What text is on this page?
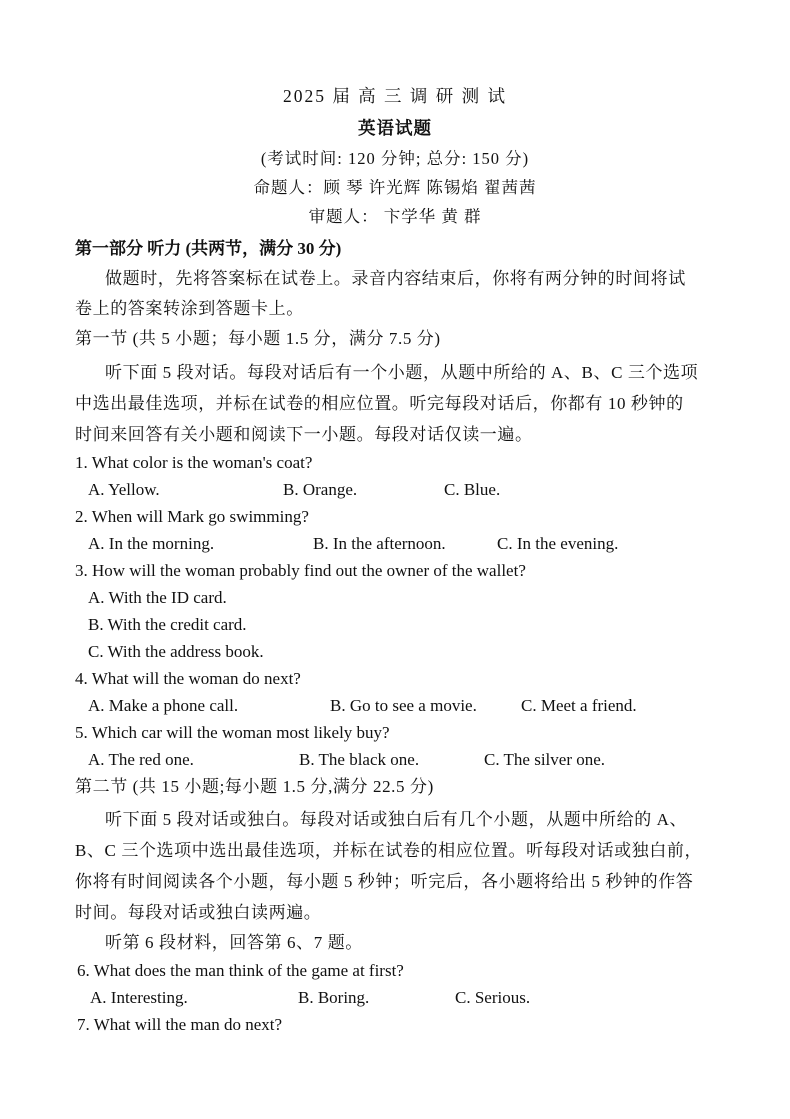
2025 届 高 三 调 研 测 试
英语试题
(考试时间: 120 分钟; 总分: 150 分)
命题人：顾 琴 许光辉 陈锡焰 翟茜茜
审题人： 卞学华 黄 群
第一部分 听力 (共两节，满分 30 分)
做题时，先将答案标在试卷上。录音内容结束后，你将有两分钟的时间将试
卷上的答案转涂到答题卡上。
第一节 (共 5 小题；每小题 1.5 分，满分 7.5 分)
听下面 5 段对话。每段对话后有一个小题，从题中所给的 A、B、C 三个选项
中选出最佳选项，并标在试卷的相应位置。听完每段对话后，你都有 10 秒钟的
时间来回答有关小题和阅读下一小题。每段对话仅读一遍。
1. What color is the woman's coat?
A. Yellow.	B. Orange.	C. Blue.
2. When will Mark go swimming?
A. In the morning.	B. In the afternoon.	C. In the evening.
3. How will the woman probably find out the owner of the wallet?
A. With the ID card.
B. With the credit card.
C. With the address book.
4. What will the woman do next?
A. Make a phone call.	B. Go to see a movie.	C. Meet a friend.
5. Which car will the woman most likely buy?
A. The red one.	B. The black one.	C. The silver one.
第二节 (共 15 小题;每小题 1.5 分,满分 22.5 分)
听下面 5 段对话或独白。每段对话或独白后有几个小题，从题中所给的 A、
B、C 三个选项中选出最佳选项，并标在试卷的相应位置。听每段对话或独白前，
你将有时间阅读各个小题，每小题 5 秒钟；听完后，各小题将给出 5 秒钟的作答
时间。每段对话或独白读两遍。
听第 6 段材料，回答第 6、7 题。
6. What does the man think of the game at first?
A. Interesting.	B. Boring.	C. Serious.
7. What will the man do next?
